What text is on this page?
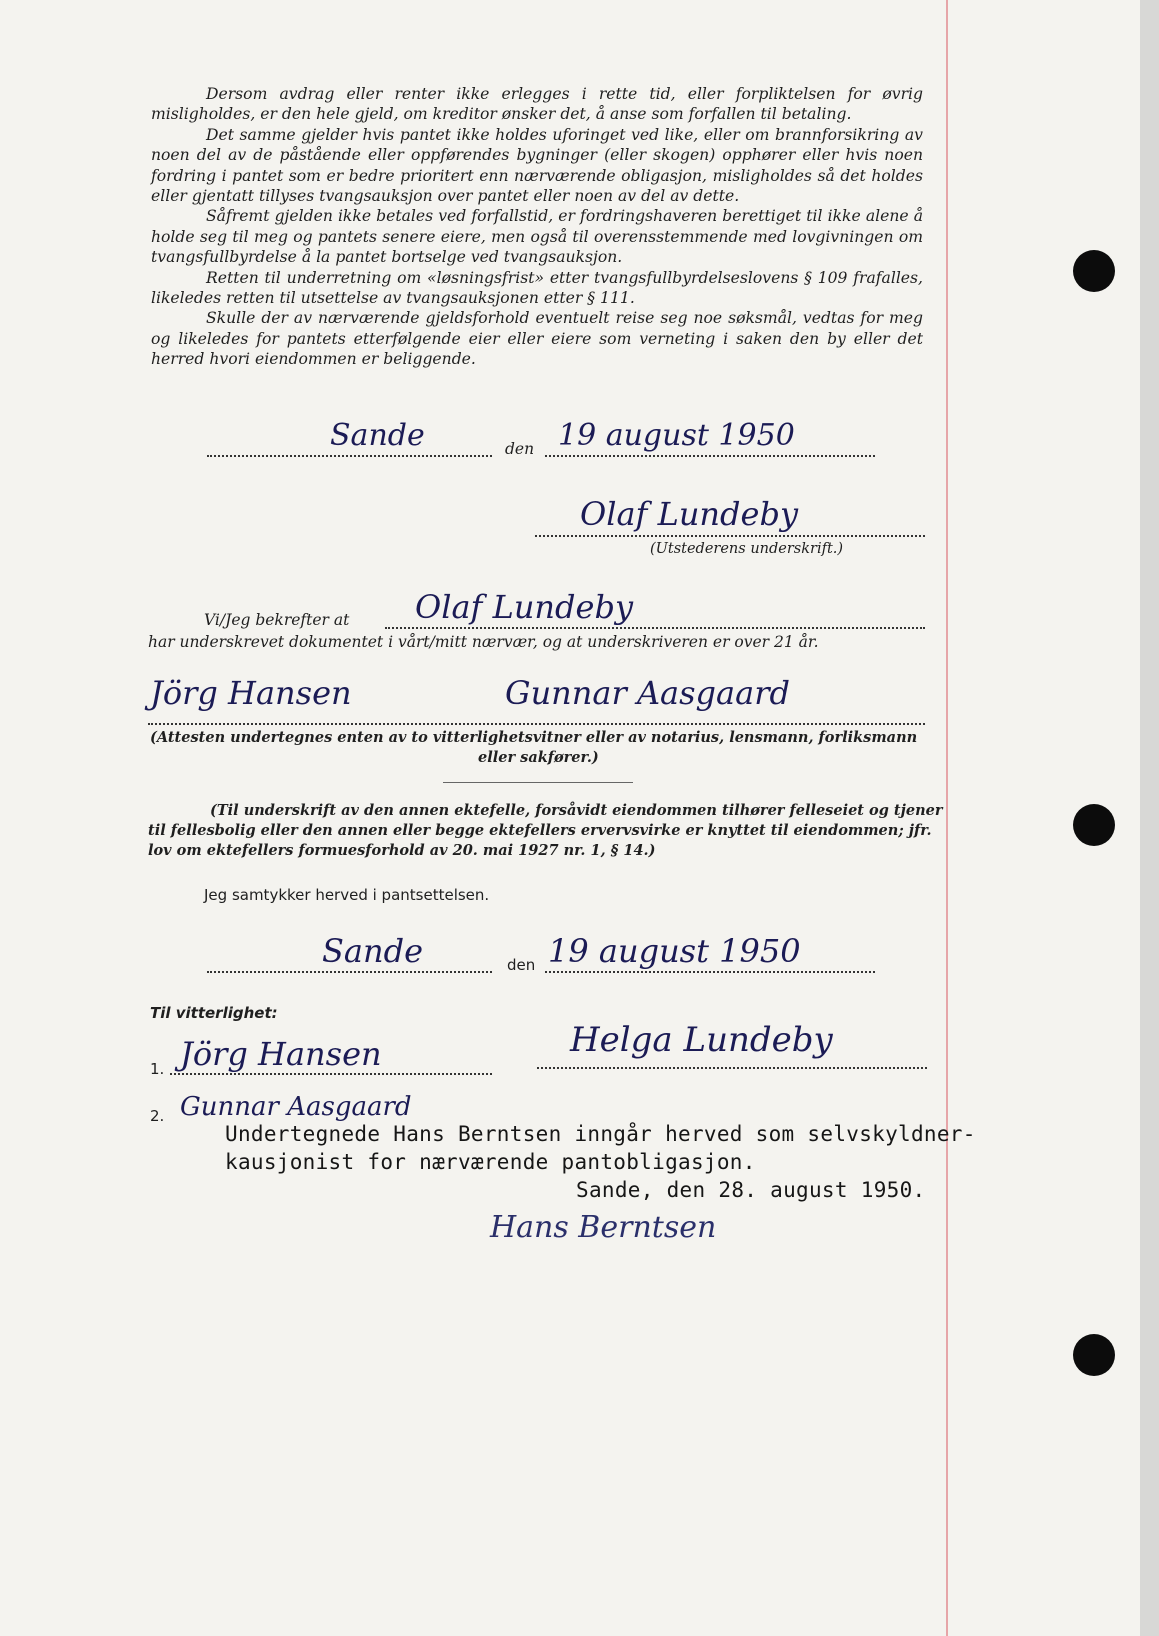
Dersom avdrag eller renter ikke erlegges i rette tid, eller forpliktelsen for øvrig misligholdes, er den hele gjeld, om kreditor ønsker det, å anse som forfallen til betaling.

Det samme gjelder hvis pantet ikke holdes uforinget ved like, eller om brannforsikring av noen del av de påstående eller oppførendes bygninger (eller skogen) opphører eller hvis noen fordring i pantet som er bedre prioritert enn nærværende obligasjon, misligholdes så det holdes eller gjentatt tillyses tvangsauksjon over pantet eller noen av del av dette.

Såfremt gjelden ikke betales ved forfallstid, er fordringshaveren berettiget til ikke alene å holde seg til meg og pantets senere eiere, men også til overensstemmende med lovgivningen om tvangsfullbyrdelse å la pantet bortselge ved tvangsauksjon.

Retten til underretning om «løsningsfrist» etter tvangsfullbyrdelseslovens § 109 frafalles, likeledes retten til utsettelse av tvangsauksjonen etter § 111.

Skulle der av nærværende gjeldsforhold eventuelt reise seg noe søksmål, vedtas for meg og likeledes for pantets etterfølgende eier eller eiere som verneting i saken den by eller det herred hvori eiendommen er beliggende.

Sande	den 19 august 1950
Olaf Lundeby
(Utstederens underskrift.)
Vi/Jeg bekrefter at Olaf Lundeby
har underskrevet dokumentet i vårt/mitt nærvær, og at underskriveren er over 21 år.
Jörg Hansen	Gunnar Aasgaard
(Attesten undertegnes enten av to vitterlighetsvitner eller av notarius, lensmann, forliksmann
eller sakfører.)
(Til underskrift av den annen ektefelle, forsåvidt eiendommen tilhører felleseiet og tjener
til fellesbolig eller den annen eller begge ektefellers ervervsvirke er knyttet til eiendommen; jfr.
lov om ektefellers formuesforhold av 20. mai 1927 nr. 1, § 14.)
Jeg samtykker herved i pantsettelsen.
Sande	den 19 august 1950
Til vitterlighet:
1. Jörg Hansen	Helga Lundeby
2. Gunnar Aasgaard
Undertegnede Hans Berntsen inngår herved som selvskyldner-
kausjonist for nærværende pantobligasjon.
Sande, den 28. august 1950.
Hans Berntsen
